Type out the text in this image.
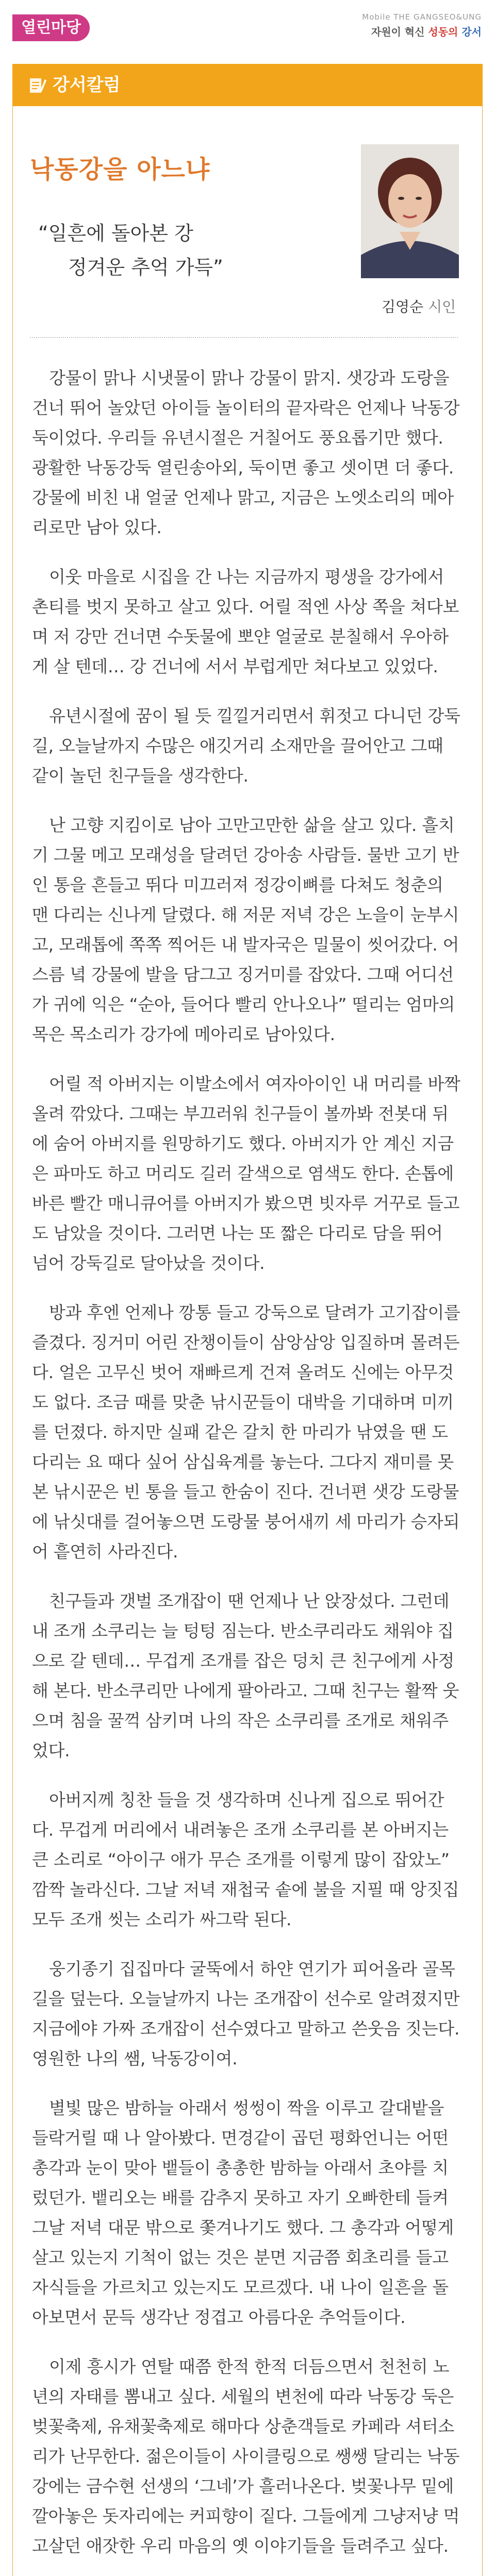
열린마당
Mobile THE GANGSEO&UNG
자원이 혁신 성동의 강서
강서칼럼
낙동강을 아느냐
“일흔에 돌아본 강
정겨운 추억 가득”
김영순 시인

강물이 맑나 시냇물이 맑나 강물이 맑지. 샛강과 도랑을 건너 뛰어 놀았던 아이들 놀이터의 끝자락은 언제나 낙동강 둑이었다. 우리들 유년시절은 거칠어도 풍요롭기만 했다. 광활한 낙동강둑 열린송아외, 둑이면 좋고 셋이면 더 좋다. 강물에 비친 내 얼굴 언제나 맑고, 지금은 노엣소리의 메아리로만 남아 있다.

이웃 마을로 시집을 간 나는 지금까지 평생을 강가에서 촌티를 벗지 못하고 살고 있다. 어릴 적엔 사상 쪽을 쳐다보며 저 강만 건너면 수돗물에 뽀얀 얼굴로 분칠해서 우아하게 살 텐데… 강 건너에 서서 부럽게만 쳐다보고 있었다.

유년시절에 꿈이 될 듯 낄낄거리면서 휘젓고 다니던 강둑길, 오늘날까지 수많은 애깃거리 소재만을 끌어안고 그때 같이 놀던 친구들을 생각한다.

난 고향 지킴이로 남아 고만고만한 삶을 살고 있다. 흘치기 그물 메고 모래성을 달려던 강아송 사람들. 물반 고기 반인 통을 흔들고 뛰다 미끄러져 정강이뼈를 다쳐도 청춘의 맨 다리는 신나게 달렸다. 해 저문 저녁 강은 노을이 눈부시고, 모래톱에 쪽쪽 찍어든 내 발자국은 밀물이 씻어갔다. 어스름 녘 강물에 발을 담그고 징거미를 잡았다. 그때 어디선가 귀에 익은 “순아, 들어다 빨리 안나오나” 떨리는 엄마의 목은 목소리가 강가에 메아리로 남아있다.

어릴 적 아버지는 이발소에서 여자아이인 내 머리를 바짝 올려 깎았다. 그때는 부끄러워 친구들이 볼까봐 전봇대 뒤에 숨어 아버지를 원망하기도 했다. 아버지가 안 계신 지금은 파마도 하고 머리도 길러 갈색으로 염색도 한다. 손톱에 바른 빨간 매니큐어를 아버지가 봤으면 빗자루 거꾸로 들고도 남았을 것이다. 그러면 나는 또 짧은 다리로 담을 뛰어 넘어 강둑길로 달아났을 것이다.

방과 후엔 언제나 깡통 들고 강둑으로 달려가 고기잡이를 즐겼다. 징거미 어린 잔챙이들이 삼앙삼앙 입질하며 몰려든다. 얼은 고무신 벗어 재빠르게 건져 올려도 신에는 아무것도 없다. 조금 때를 맞춘 낚시꾼들이 대박을 기대하며 미끼를 던졌다. 하지만 실패 같은 갈치 한 마리가 낚였을 땐 도다리는 요 때다 싶어 삼십육계를 놓는다. 그다지 재미를 못 본 낚시꾼은 빈 통을 들고 한숨이 진다. 건너편 샛강 도랑물에 낚싯대를 걸어놓으면 도랑물 붕어새끼 세 마리가 승자되어 흩연히 사라진다.

친구들과 갯벌 조개잡이 땐 언제나 난 앉장섰다. 그런데 내 조개 소쿠리는 늘 텅텅 짐는다. 반소쿠리라도 채워야 집으로 갈 텐데… 무겁게 조개를 잡은 덩치 큰 친구에게 사정해 본다. 반소쿠리만 나에게 팔아라고. 그때 친구는 활짝 웃으며 침을 꿀꺽 삼키며 나의 작은 소쿠리를 조개로 채워주었다.

아버지께 칭찬 들을 것 생각하며 신나게 집으로 뛰어간다. 무겁게 머리에서 내려놓은 조개 소쿠리를 본 아버지는 큰 소리로 “아이구 애가 무슨 조개를 이렇게 많이 잡았노” 깜짝 놀라신다. 그날 저녁 재첩국 솥에 불을 지필 때 앙짓집 모두 조개 씻는 소리가 싸그락 된다.

웅기종기 집집마다 굴뚝에서 하얀 연기가 피어올라 골목길을 덮는다. 오늘날까지 나는 조개잡이 선수로 알려졌지만 지금에야 가짜 조개잡이 선수였다고 말하고 쓴웃음 짓는다. 영원한 나의 쌤, 낙동강이여.

별빛 많은 밤하늘 아래서 썽썽이 짝을 이루고 갈대밭을 들락거릴 때 나 알아봤다. 면경같이 곱던 평화언니는 어떤 총각과 눈이 맞아 뱉들이 총총한 밤하늘 아래서 초야를 치렀던가. 뱉리오는 배를 감추지 못하고 자기 오빠한테 들켜 그날 저녁 대문 밖으로 쫓겨나기도 했다. 그 총각과 어떻게 살고 있는지 기척이 없는 것은 분면 지금쯤 회초리를 들고 자식들을 가르치고 있는지도 모르겠다. 내 나이 일흔을 돌아보면서 문득 생각난 정겹고 아름다운 추억들이다.

이제 흥시가 연탈 때쯤 한적 한적 더듬으면서 천천히 노년의 자태를 뽐내고 싶다. 세월의 변천에 따라 낙동강 둑은 벚꽃축제, 유채꽃축제로 해마다 상춘객들로 카페라 셔터소리가 난무한다. 젊은이들이 사이클링으로 쌩쌩 달리는 낙동강에는 금수현 선생의 ‘그네’가 흘러나온다. 벚꽃나무 밑에 깔아놓은 돗자리에는 커피향이 짙다. 그들에게 그냥저냥 먹고살던 애잣한 우리 마음의 옛 이야기들을 들려주고 싶다.
